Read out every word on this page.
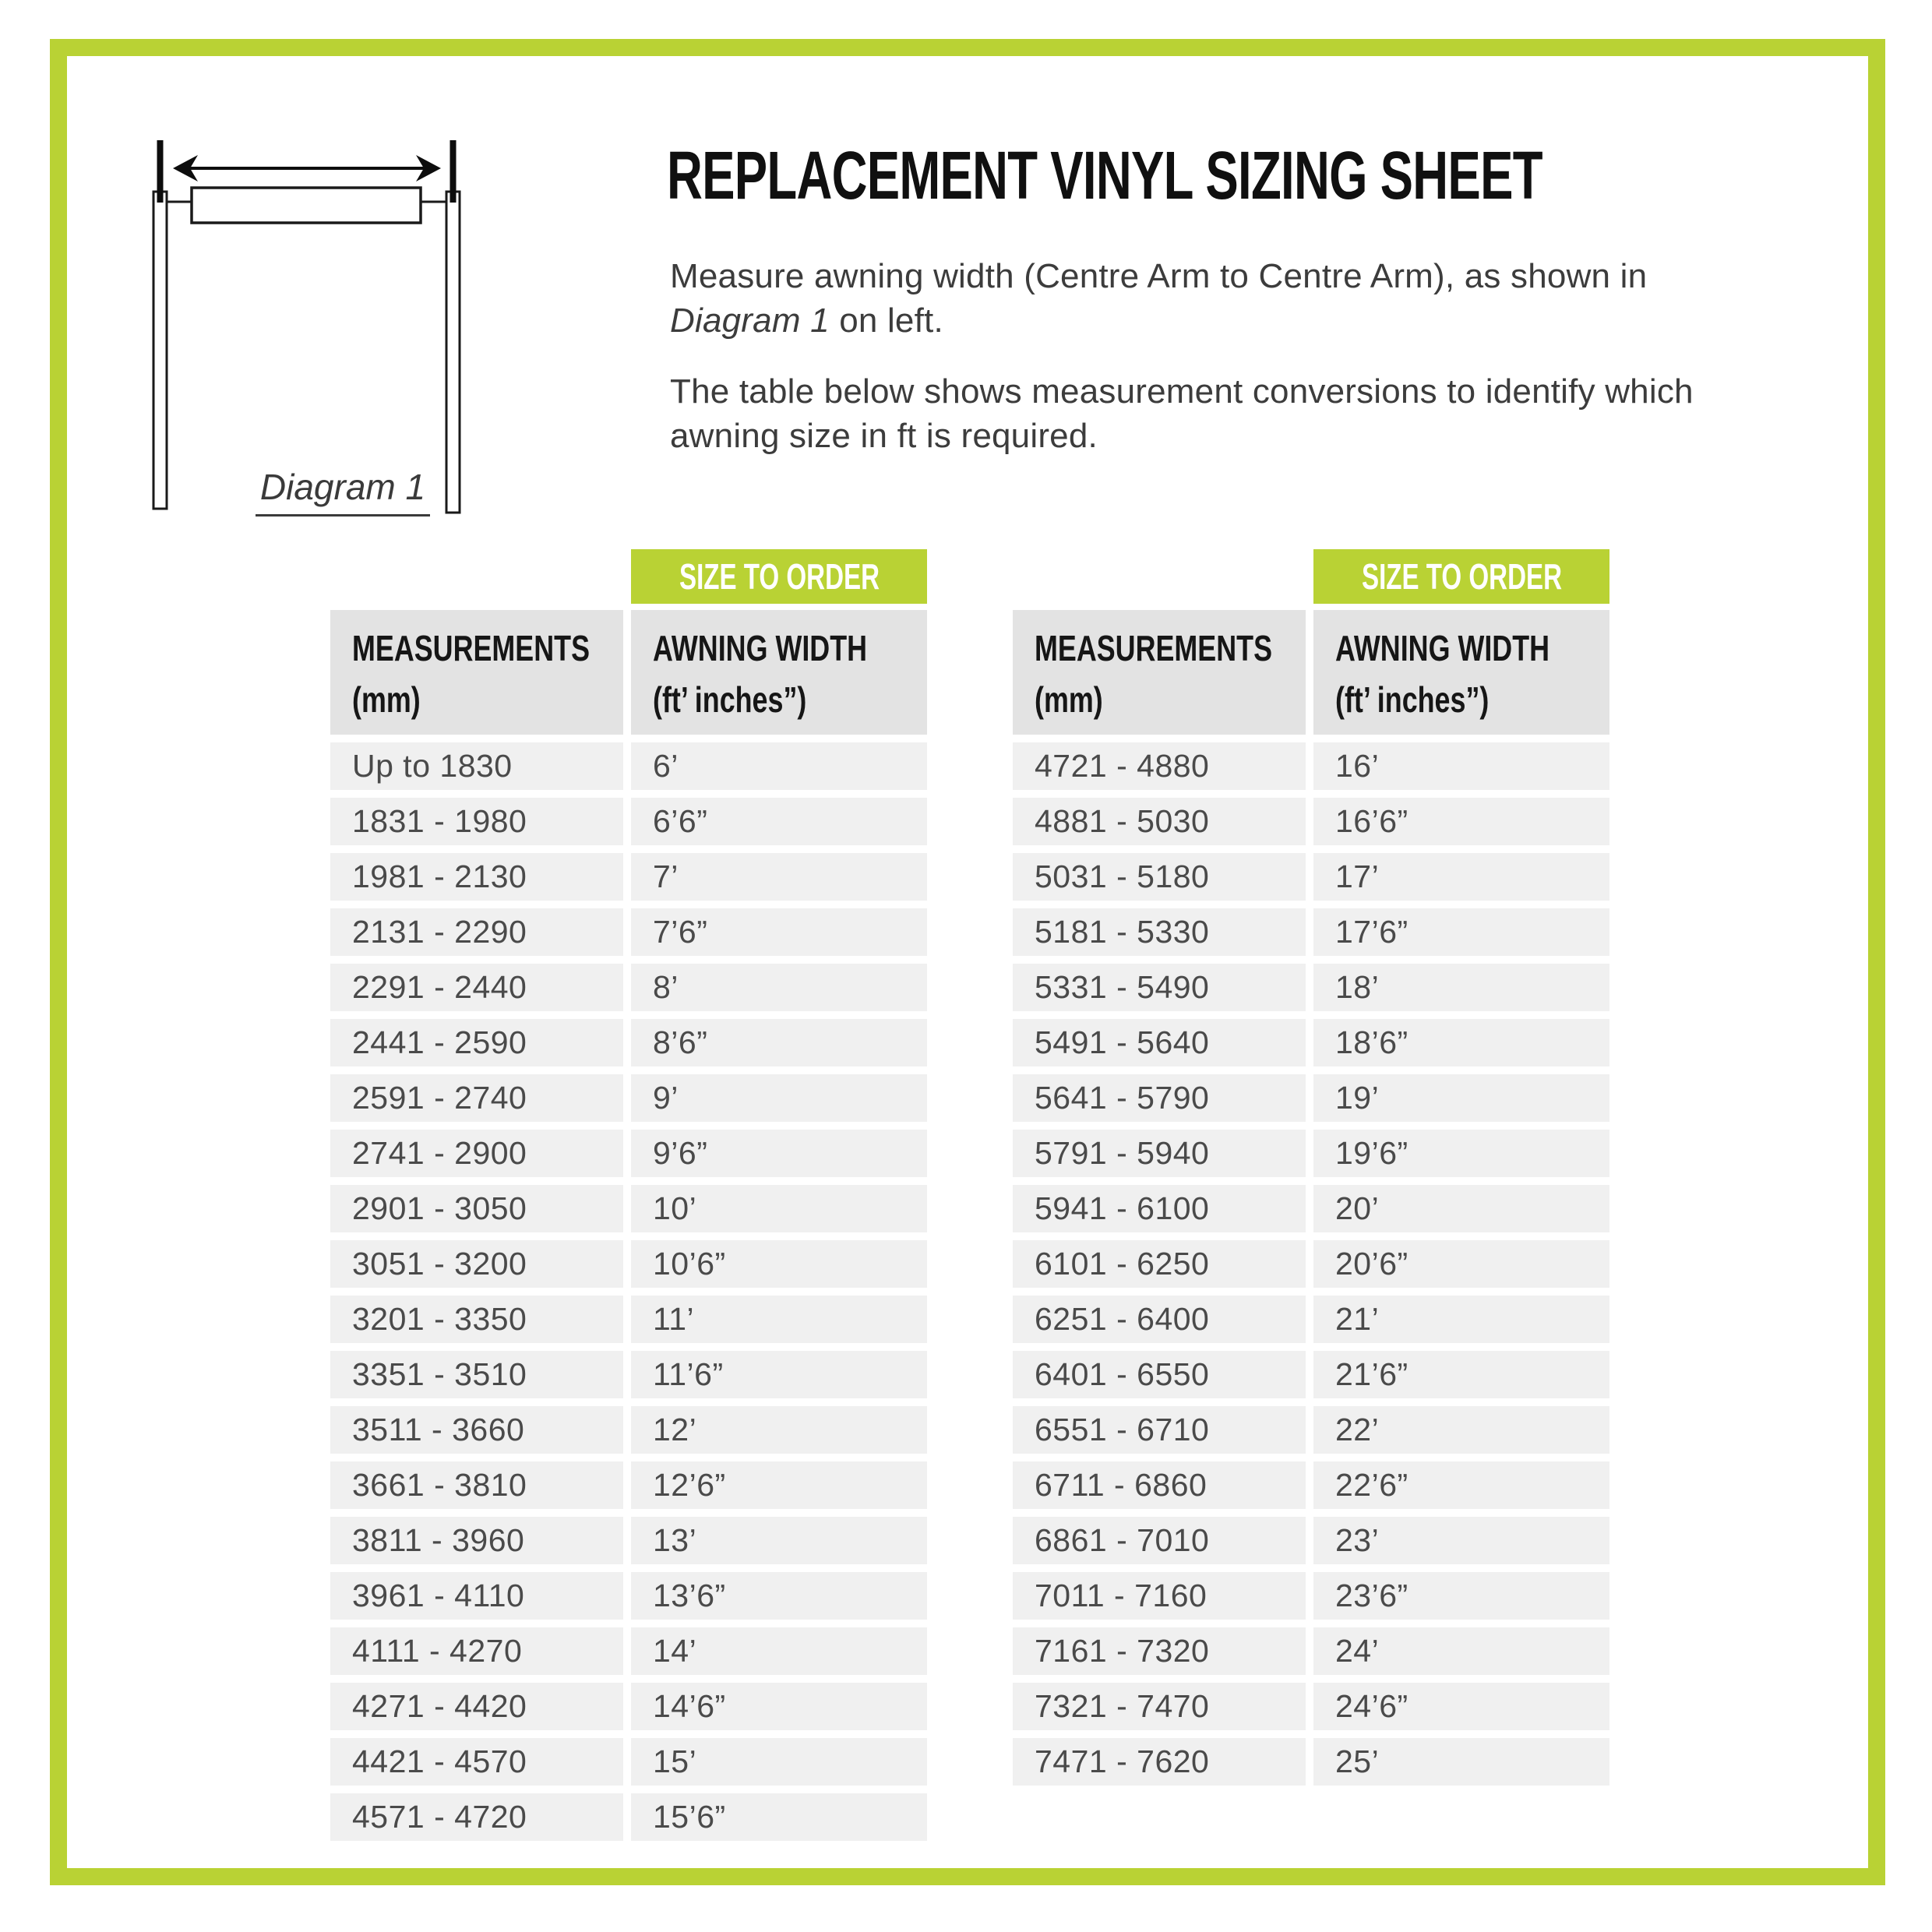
Diagram 1
REPLACEMENT VINYL SIZING SHEET
Measure awning width (Centre Arm to Centre Arm), as shown in
Diagram 1 on left.
The table below shows measurement conversions to identify which
awning size in ft is required.
SIZE TO ORDER
MEASUREMENTS
(mm)
AWNING WIDTH
(ft’ inches”)
Up to 1830	6’
1831 - 1980	6’6”
1981 - 2130	7’
2131 - 2290	7’6”
2291 - 2440	8’
2441 - 2590	8’6”
2591 - 2740	9’
2741 - 2900	9’6”
2901 - 3050	10’
3051 - 3200	10’6”
3201 - 3350	11’
3351 - 3510	11’6”
3511 - 3660	12’
3661 - 3810	12’6”
3811 - 3960	13’
3961 - 4110	13’6”
4111 - 4270	14’
4271 - 4420	14’6”
4421 - 4570	15’
4571 - 4720	15’6”
SIZE TO ORDER
MEASUREMENTS
(mm)
AWNING WIDTH
(ft’ inches”)
4721 - 4880	16’
4881 - 5030	16’6”
5031 - 5180	17’
5181 - 5330	17’6”
5331 - 5490	18’
5491 - 5640	18’6”
5641 - 5790	19’
5791 - 5940	19’6”
5941 - 6100	20’
6101 - 6250	20’6”
6251 - 6400	21’
6401 - 6550	21’6”
6551 - 6710	22’
6711 - 6860	22’6”
6861 - 7010	23’
7011 - 7160	23’6”
7161 - 7320	24’
7321 - 7470	24’6”
7471 - 7620	25’
